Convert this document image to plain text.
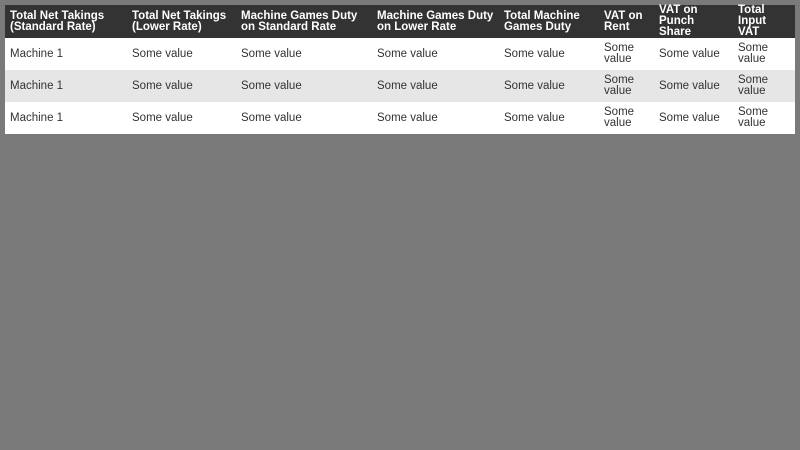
Total Net Takings (Standard Rate)	Total Net Takings (Lower Rate)	Machine Games Duty on Standard Rate	Machine Games Duty on Lower Rate	Total Machine Games Duty	VAT on Rent	VAT on Punch Share	Total Input VAT
Machine 1	Some value	Some value	Some value	Some value	Some value	Some value	Some value
Machine 1	Some value	Some value	Some value	Some value	Some value	Some value	Some value
Machine 1	Some value	Some value	Some value	Some value	Some value	Some value	Some value
